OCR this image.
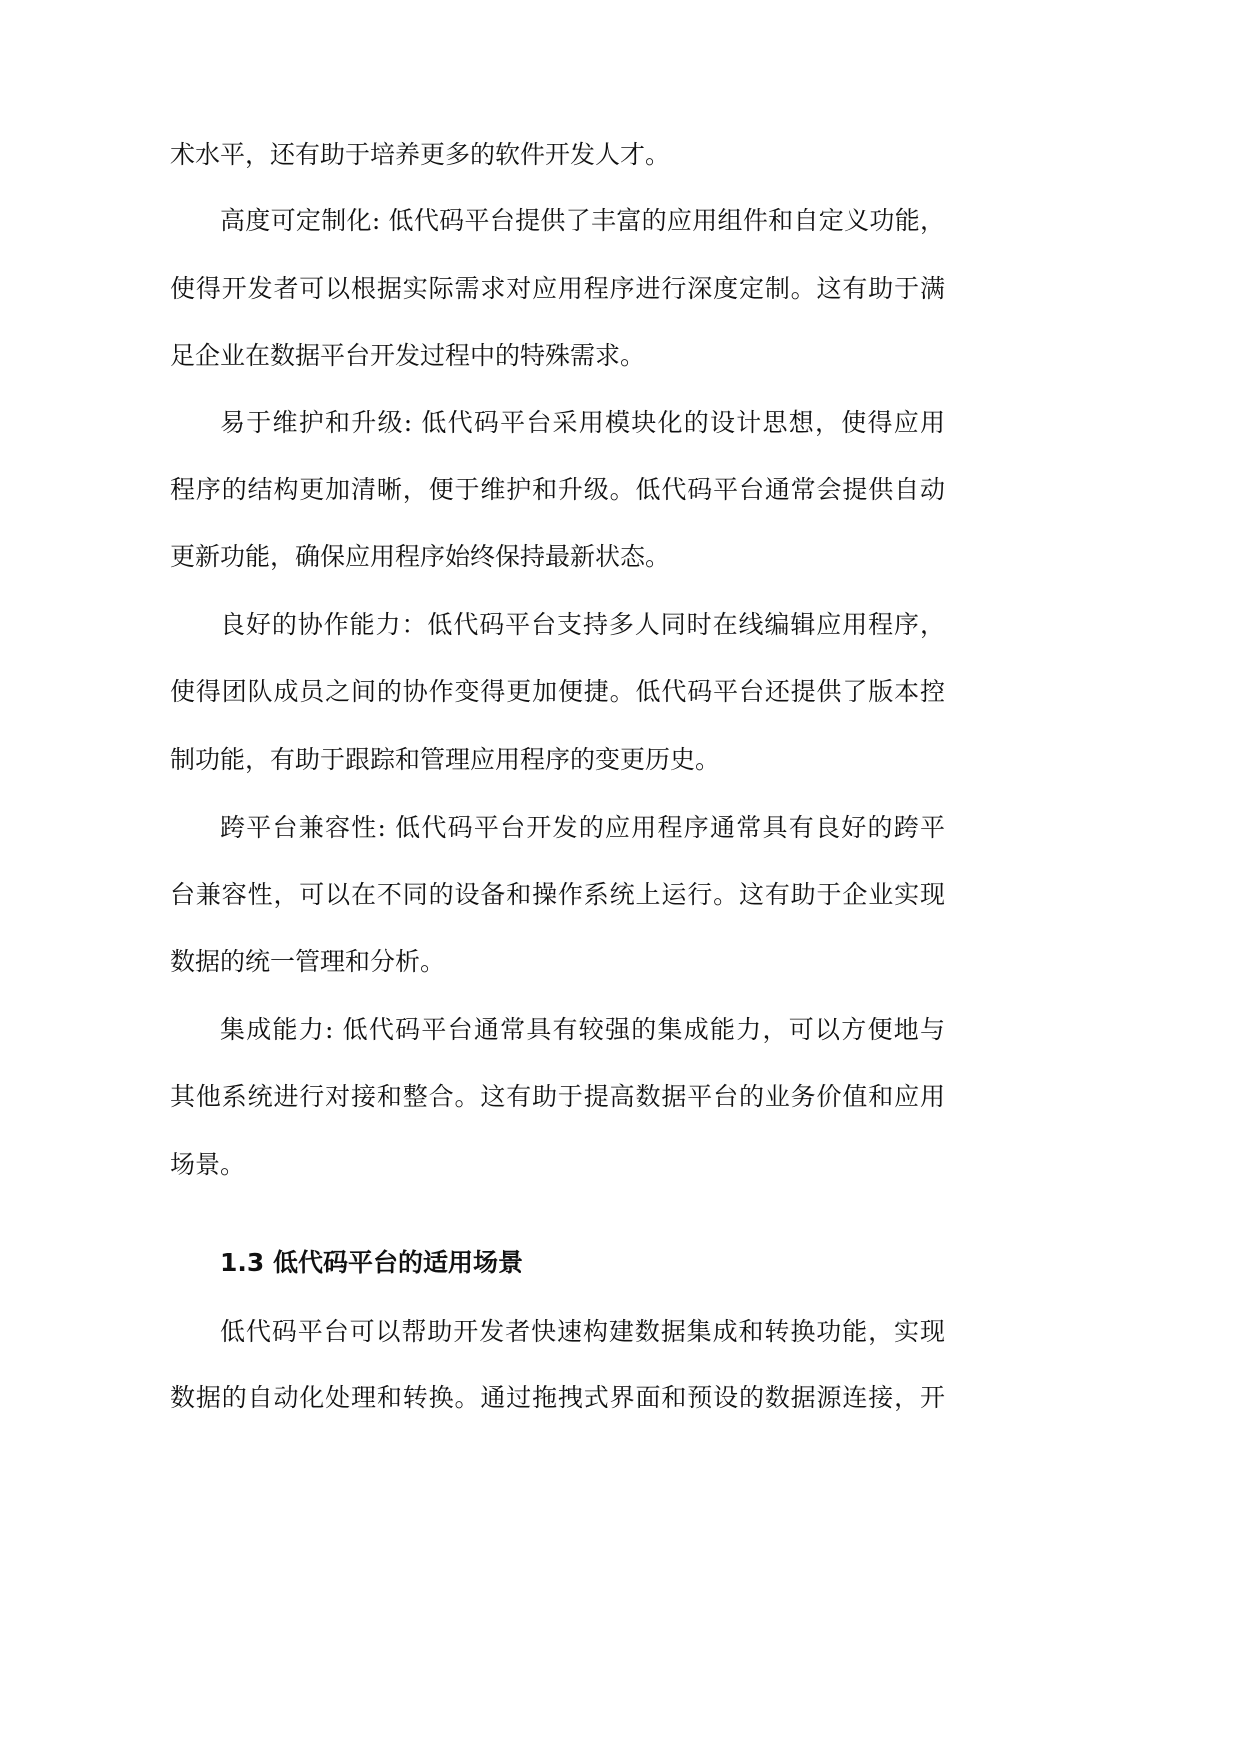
术水平，还有助于培养更多的软件开发人才。
高度可定制化: 低代码平台提供了丰富的应用组件和自定义功能，
使得开发者可以根据实际需求对应用程序进行深度定制。这有助于满
足企业在数据平台开发过程中的特殊需求。
易于维护和升级: 低代码平台采用模块化的设计思想，使得应用
程序的结构更加清晰，便于维护和升级。低代码平台通常会提供自动
更新功能，确保应用程序始终保持最新状态。
良好的协作能力：低代码平台支持多人同时在线编辑应用程序，
使得团队成员之间的协作变得更加便捷。低代码平台还提供了版本控
制功能，有助于跟踪和管理应用程序的变更历史。
跨平台兼容性: 低代码平台开发的应用程序通常具有良好的跨平
台兼容性，可以在不同的设备和操作系统上运行。这有助于企业实现
数据的统一管理和分析。
集成能力: 低代码平台通常具有较强的集成能力，可以方便地与
其他系统进行对接和整合。这有助于提高数据平台的业务价值和应用
场景。
1.3 低代码平台的适用场景
低代码平台可以帮助开发者快速构建数据集成和转换功能，实现
数据的自动化处理和转换。通过拖拽式界面和预设的数据源连接，开
